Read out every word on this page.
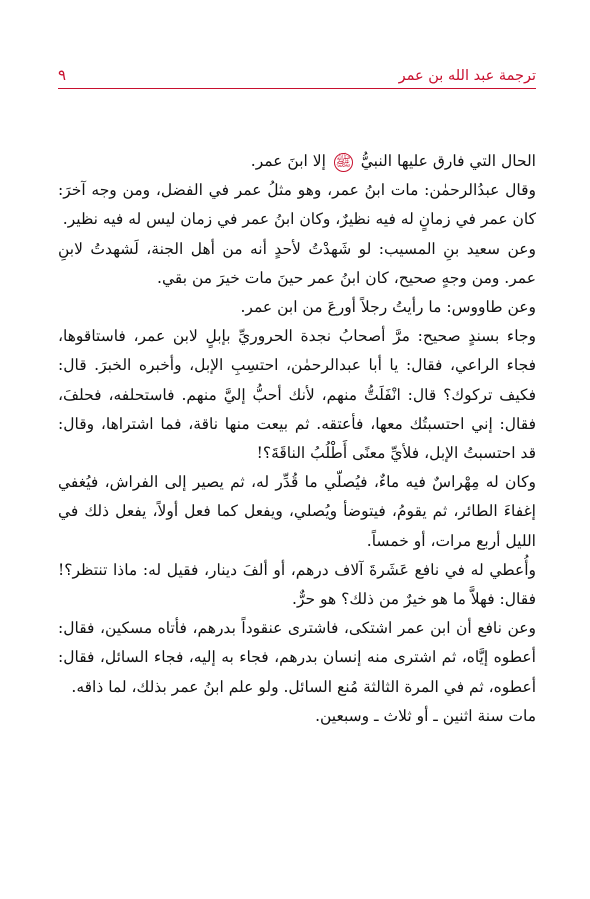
ترجمة عبد الله بن عمر
٩

الحال التي فارق عليها النبيُّ ﷺ إلا ابنَ عمر.

وقال عبدُالرحمٰن: مات ابنُ عمر، وهو مثلُ عمر في الفضل، ومن وجه آخرَ: كان عمر في زمانٍ له فيه نظيرٌ، وكان ابنُ عمر في زمان ليس له فيه نظير.

وعن سعيد بنِ المسيب: لو شَهدْتُ لأحدٍ أنه من أهل الجنة، لَشهدتُ لابنِ عمر. ومن وجهٍ صحيح، كان ابنُ عمر حينَ مات خيرَ من بقي.

وعن طاووس: ما رأيتُ رجلاً أورعَ من ابن عمر.

وجاء بسندٍ صحيح: مرَّ أصحابُ نجدة الحروريِّ بإبلٍ لابن عمر، فاستاقوها، فجاء الراعي، فقال: يا أبا عبدالرحمٰن، احتسِبِ الإبل، وأخبره الخبرَ. قال: فكيف تركوك؟ قال: انْفَلَتُّ منهم، لأنك أحبُّ إليَّ منهم. فاستحلفه، فحلفَ، فقال: إني احتسبتُك معها، فأعتقه. ثم بيعت منها ناقة، فما اشتراها، وقال: قد احتسبتُ الإبل، فلأيِّ معنًى أَطْلُبُ الناقَةَ؟!

وكان له مِهْراسٌ فيه ماءٌ، فيُصلّي ما قُدِّر له، ثم يصير إلى الفراش، فيُغفي إغفاءَ الطائر، ثم يقومُ، فيتوضأ ويُصلي، ويفعل كما فعل أولاً، يفعل ذلك في الليل أربع مرات، أو خمساً.

وأُعطي له في نافع عَشَرةَ آلاف درهم، أو ألفَ دينار، فقيل له: ماذا تنتظر؟! فقال: فهلاَّ ما هو خيرٌ من ذلك؟ هو حرٌّ.

وعن نافع أن ابن عمر اشتكى، فاشترى عنقوداً بدرهم، فأتاه مسكين، فقال: أعطوه إيَّاه، ثم اشترى منه إنسان بدرهم، فجاء به إليه، فجاء السائل، فقال: أعطوه، ثم في المرة الثالثة مُنع السائل. ولو علم ابنُ عمر بذلك، لما ذاقه.

مات سنة اثنين ـ أو ثلاث ـ وسبعين.
